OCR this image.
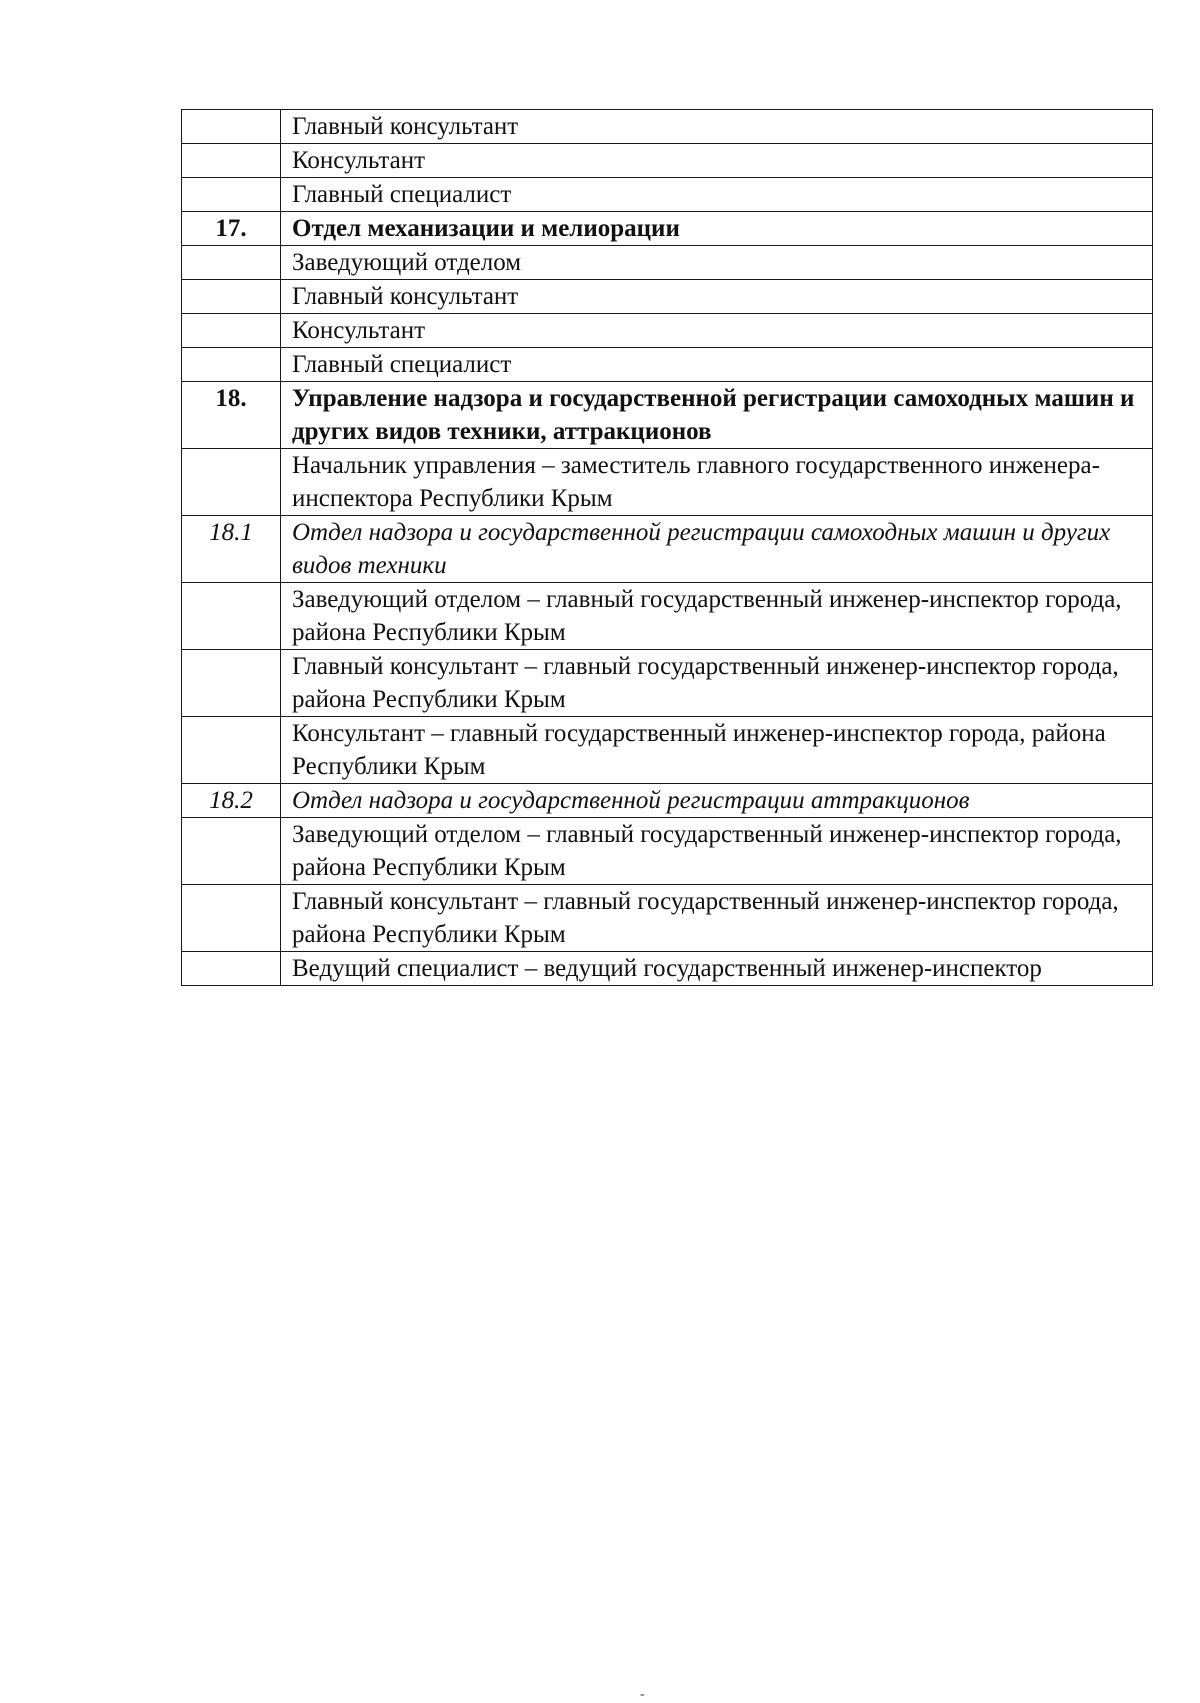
	Главный консультант
	Консультант
	Главный специалист
17.	Отдел механизации и мелиорации
	Заведующий отделом
	Главный консультант
	Консультант
	Главный специалист
18.	Управление надзора и государственной регистрации самоходных машин и других видов техники, аттракционов
	Начальник управления – заместитель главного государственного инженера-инспектора Республики Крым
18.1	Отдел надзора и государственной регистрации самоходных машин и других видов техники
	Заведующий отделом – главный государственный инженер-инспектор города, района Республики Крым
	Главный консультант – главный государственный инженер-инспектор города, района Республики Крым
	Консультант – главный государственный инженер-инспектор города, района Республики Крым
18.2	Отдел надзора и государственной регистрации аттракционов
	Заведующий отделом – главный государственный инженер-инспектор города, района Республики Крым
	Главный консультант – главный государственный инженер-инспектор города, района Республики Крым
	Ведущий специалист – ведущий государственный инженер-инспектор
-
